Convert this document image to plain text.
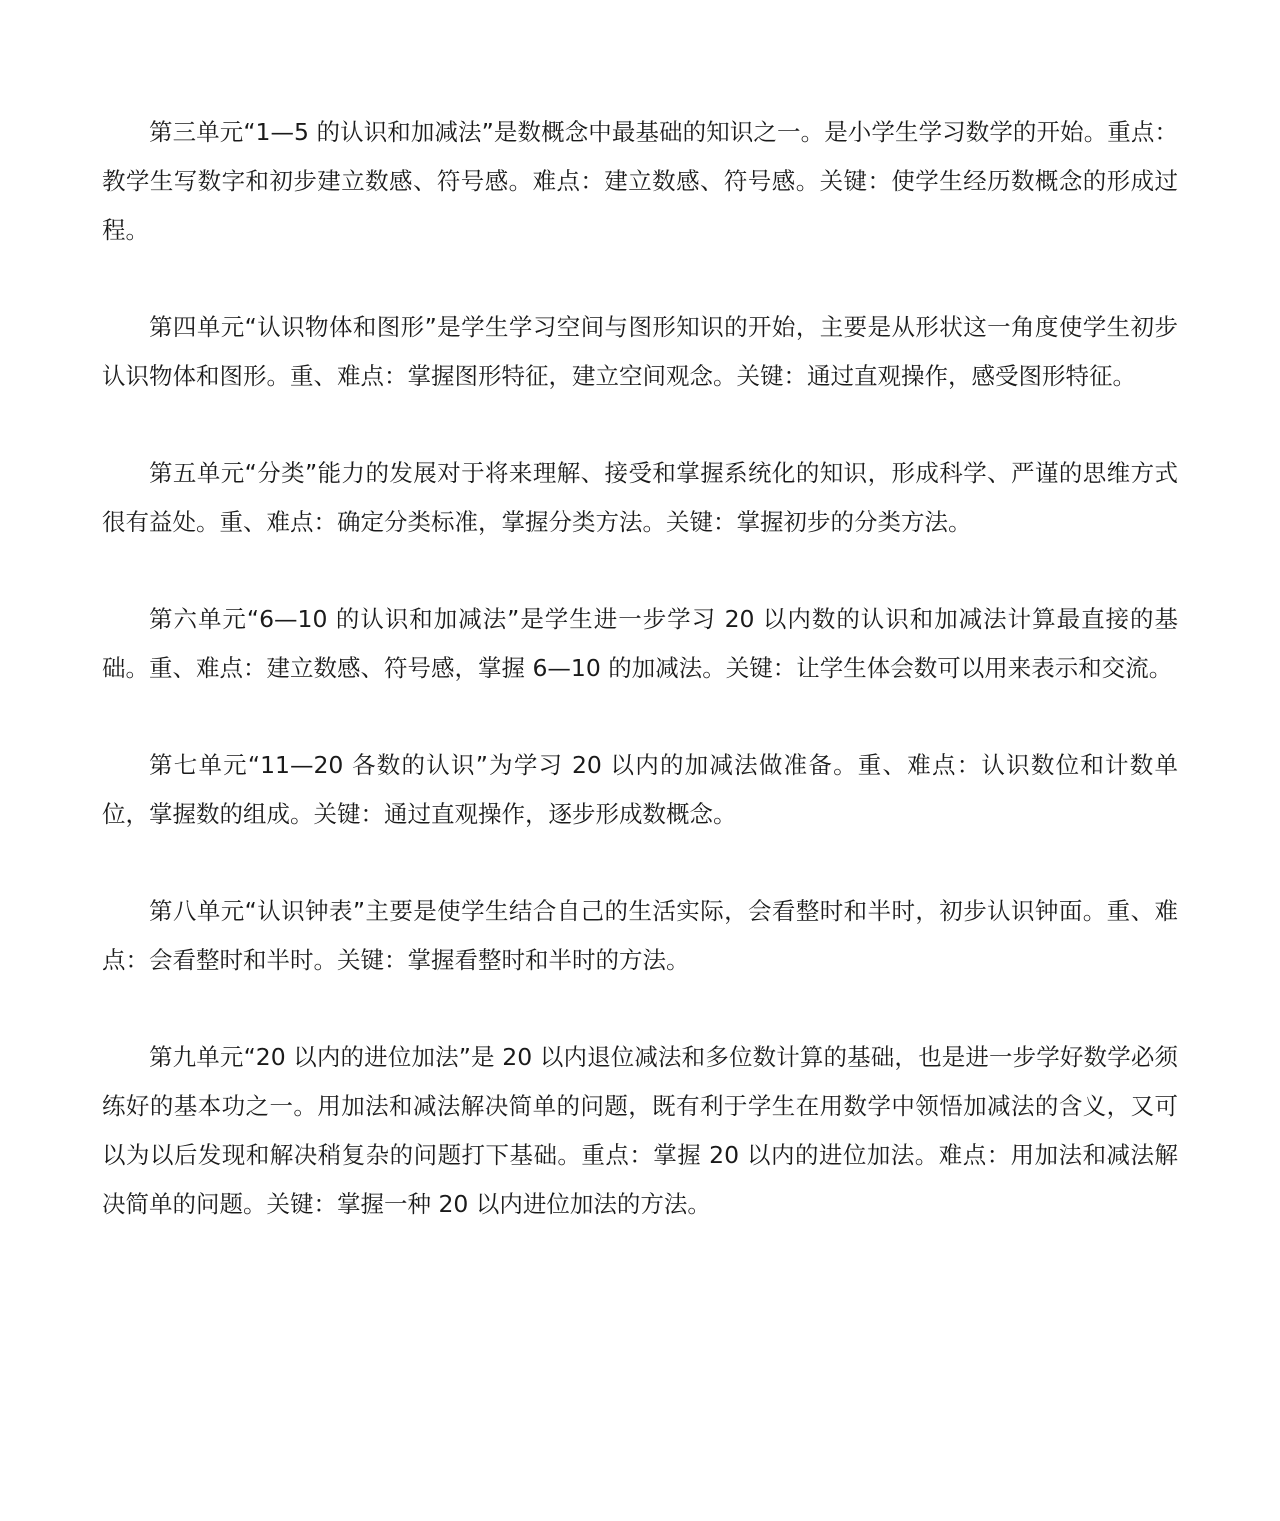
第三单元“1—5 的认识和加减法”是数概念中最基础的知识之一。是小学生学习数学的开始。重点：教学生写数字和初步建立数感、符号感。难点：建立数感、符号感。关键：使学生经历数概念的形成过程。

第四单元“认识物体和图形”是学生学习空间与图形知识的开始，主要是从形状这一角度使学生初步认识物体和图形。重、难点：掌握图形特征，建立空间观念。关键：通过直观操作，感受图形特征。

第五单元“分类”能力的发展对于将来理解、接受和掌握系统化的知识，形成科学、严谨的思维方式很有益处。重、难点：确定分类标准，掌握分类方法。关键：掌握初步的分类方法。

第六单元“6—10 的认识和加减法”是学生进一步学习 20 以内数的认识和加减法计算最直接的基础。重、难点：建立数感、符号感，掌握 6—10 的加减法。关键：让学生体会数可以用来表示和交流。

第七单元“11—20 各数的认识”为学习 20 以内的加减法做准备。重、难点：认识数位和计数单位，掌握数的组成。关键：通过直观操作，逐步形成数概念。

第八单元“认识钟表”主要是使学生结合自己的生活实际，会看整时和半时，初步认识钟面。重、难点：会看整时和半时。关键：掌握看整时和半时的方法。

第九单元“20 以内的进位加法”是 20 以内退位减法和多位数计算的基础，也是进一步学好数学必须练好的基本功之一。用加法和减法解决简单的问题，既有利于学生在用数学中领悟加减法的含义，又可以为以后发现和解决稍复杂的问题打下基础。重点：掌握 20 以内的进位加法。难点：用加法和减法解决简单的问题。关键：掌握一种 20 以内进位加法的方法。
